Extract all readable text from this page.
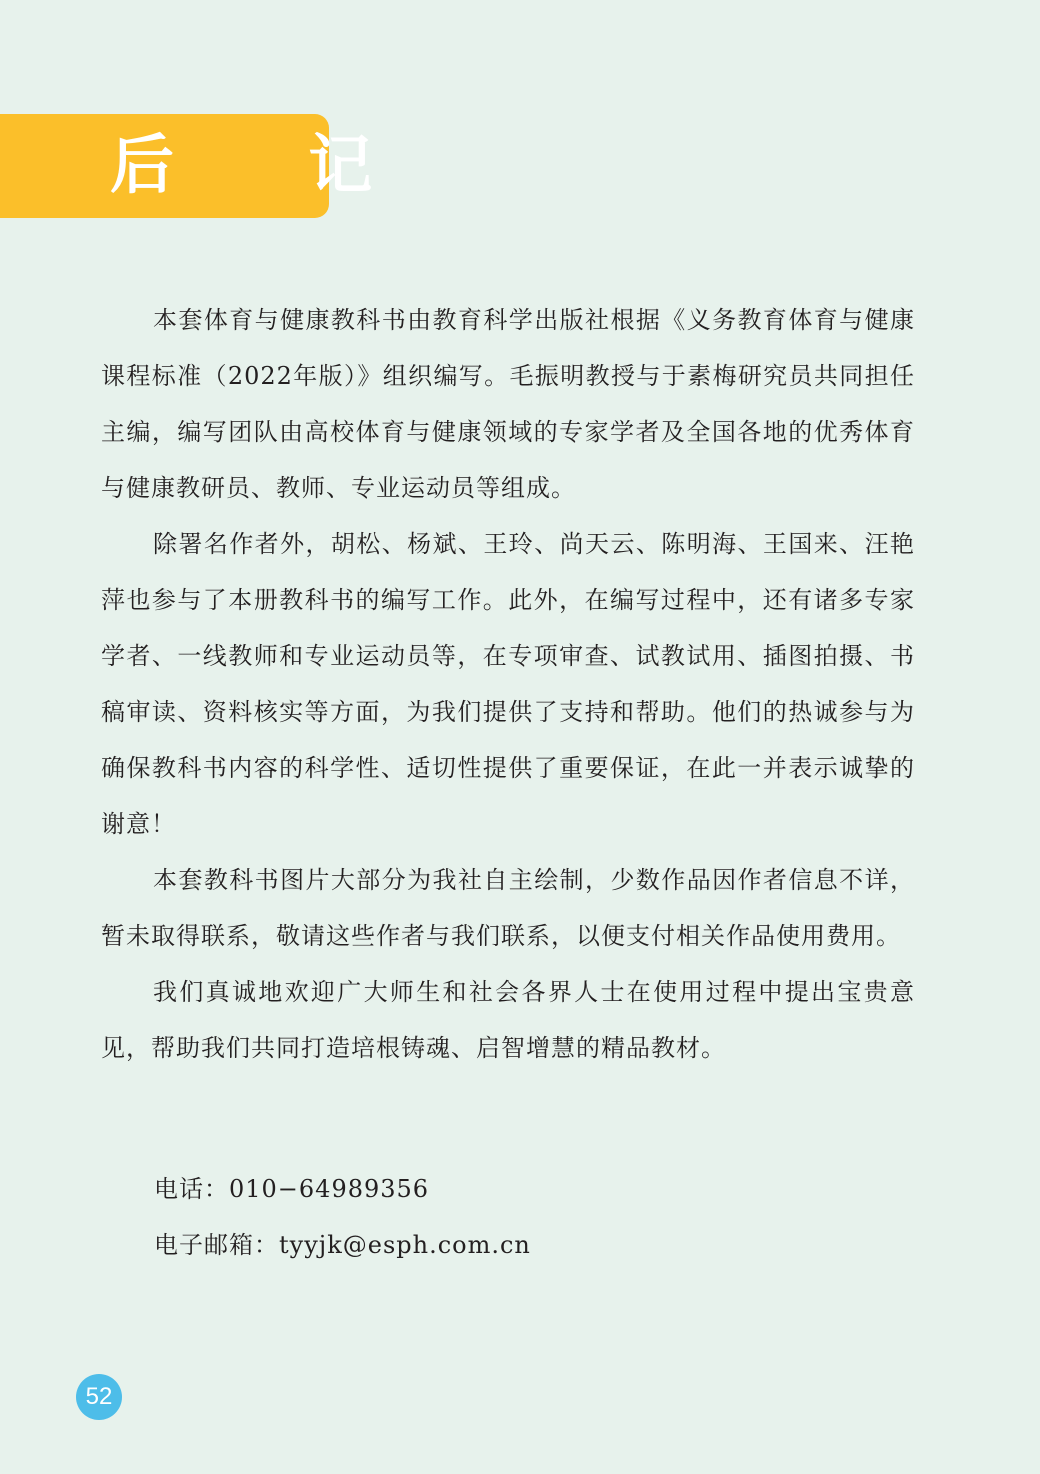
后 记

本套体育与健康教科书由教育科学出版社根据《义务教育体育与健康课程标准（2022年版）》组织编写。毛振明教授与于素梅研究员共同担任主编，编写团队由高校体育与健康领域的专家学者及全国各地的优秀体育与健康教研员、教师、专业运动员等组成。

除署名作者外，胡松、杨斌、王玲、尚天云、陈明海、王国来、汪艳萍也参与了本册教科书的编写工作。此外，在编写过程中，还有诸多专家学者、一线教师和专业运动员等，在专项审查、试教试用、插图拍摄、书稿审读、资料核实等方面，为我们提供了支持和帮助。他们的热诚参与为确保教科书内容的科学性、适切性提供了重要保证，在此一并表示诚挚的谢意！

本套教科书图片大部分为我社自主绘制，少数作品因作者信息不详，暂未取得联系，敬请这些作者与我们联系，以便支付相关作品使用费用。

我们真诚地欢迎广大师生和社会各界人士在使用过程中提出宝贵意见，帮助我们共同打造培根铸魂、启智增慧的精品教材。

电话：010−64989356

电子邮箱：tyyjk@esph.com.cn

52
